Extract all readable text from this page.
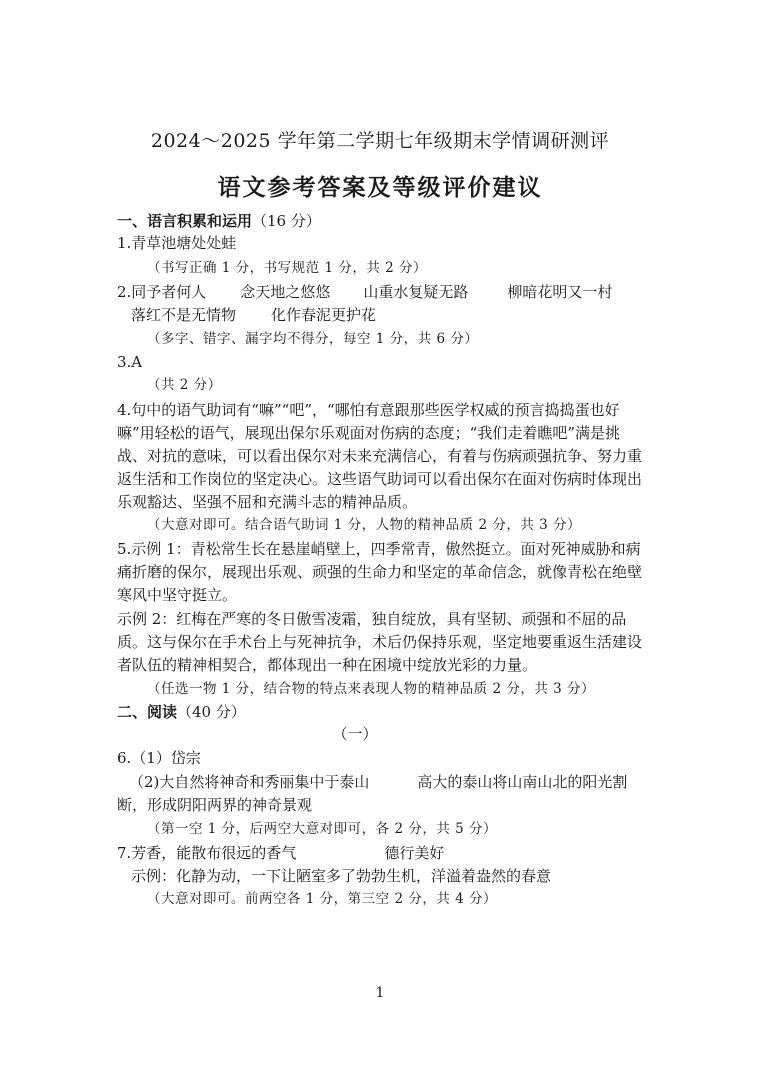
2024～2025 学年第二学期七年级期末学情调研测评
语文参考答案及等级评价建议
一、语言积累和运用（16 分）
1.青草池塘处处蛙
（书写正确 1 分，书写规范 1 分，共 2 分）
2.同予者何人 念天地之悠悠 山重水复疑无路	柳暗花明又一村
落红不是无情物 化作春泥更护花
（多字、错字、漏字均不得分，每空 1 分，共 6 分）
3.A
（共 2 分）
4.句中的语气助词有“嘛”“吧”，“哪怕有意跟那些医学权威的预言捣捣蛋也好
嘛”用轻松的语气，展现出保尔乐观面对伤病的态度；“我们走着瞧吧”满是挑
战、对抗的意味，可以看出保尔对未来充满信心，有着与伤病顽强抗争、努力重
返生活和工作岗位的坚定决心。这些语气助词可以看出保尔在面对伤病时体现出
乐观豁达、坚强不屈和充满斗志的精神品质。
（大意对即可。结合语气助词 1 分，人物的精神品质 2 分，共 3 分）
5.示例 1：青松常生长在悬崖峭壁上，四季常青，傲然挺立。面对死神威胁和病
痛折磨的保尔，展现出乐观、顽强的生命力和坚定的革命信念，就像青松在绝壁
寒风中坚守挺立。
示例 2：红梅在严寒的冬日傲雪凌霜，独自绽放，具有坚韧、顽强和不屈的品
质。这与保尔在手术台上与死神抗争，术后仍保持乐观，坚定地要重返生活建设
者队伍的精神相契合，都体现出一种在困境中绽放光彩的力量。
（任选一物 1 分，结合物的特点来表现人物的精神品质 2 分，共 3 分）
二、阅读（40 分）
（一）
6.（1）岱宗
（2)大自然将神奇和秀丽集中于泰山	高大的泰山将山南山北的阳光割
断，形成阴阳两界的神奇景观
（第一空 1 分，后两空大意对即可，各 2 分，共 5 分）
7.芳香，能散布很远的香气	德行美好
示例：化静为动，一下让陋室多了勃勃生机，洋溢着盎然的春意
（大意对即可。前两空各 1 分，第三空 2 分，共 4 分）
1
